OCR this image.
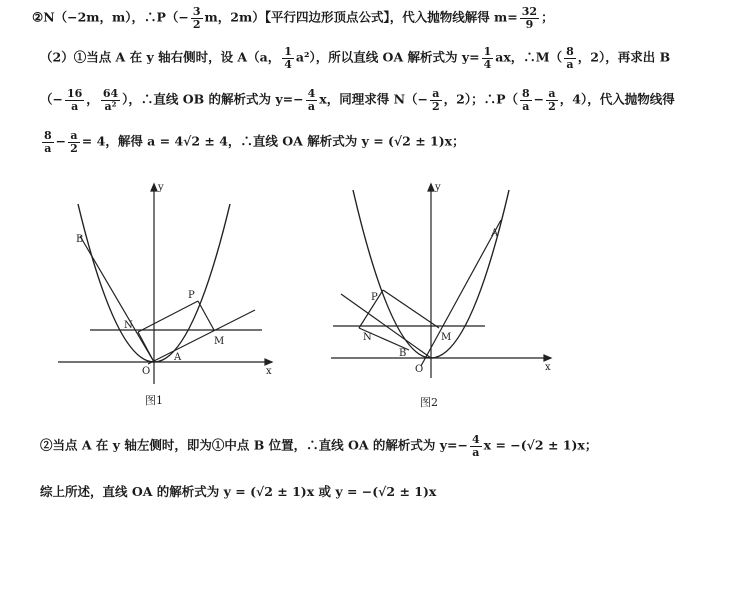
②N（−2m，m），∴P（− $\frac{3}{2}$ m，2m）【平行四边形顶点公式】，代入抛物线解得 $m= \frac{32}{9}$ ；
（2）①当点 A 在 y 轴右侧时，设 A（a， $\frac{1}{4} a^2$），所以直线 OA 解析式为 $y= \frac{1}{4}$ ax，∴M（ $\frac{8}{a}$ ，2），再求出 B
（− $\frac{16}{a}$ ， $\frac{64}{\text{a²}}$ ），∴直线 OB 的解析式为 $y=- \frac{4}{a}$ x，同理求得 $N(- \frac{a}{2}$ ，2）；∴P（ $\frac{8}{a} - \frac{a}{2}$ ，4），代入抛物线得
$\frac{8}{a} - \frac{a}{2} = 4$，解得 a = 4√2 ± 4，∴直线 OA 解析式为 y = (√2 ± 1)x；
y
x
O
B
N
P
M
A
图1
y
x
O
A
P
N
B
M
图2
②当点 A 在 y 轴左侧时，即为①中点 B 位置，∴直线 OA 的解析式为 $y=- \frac{4}{a}$ x = −(√2 ± 1)x；
综上所述，直线 OA 的解析式为 y = (√2 ± 1)x 或 y = −(√2 ± 1)x
